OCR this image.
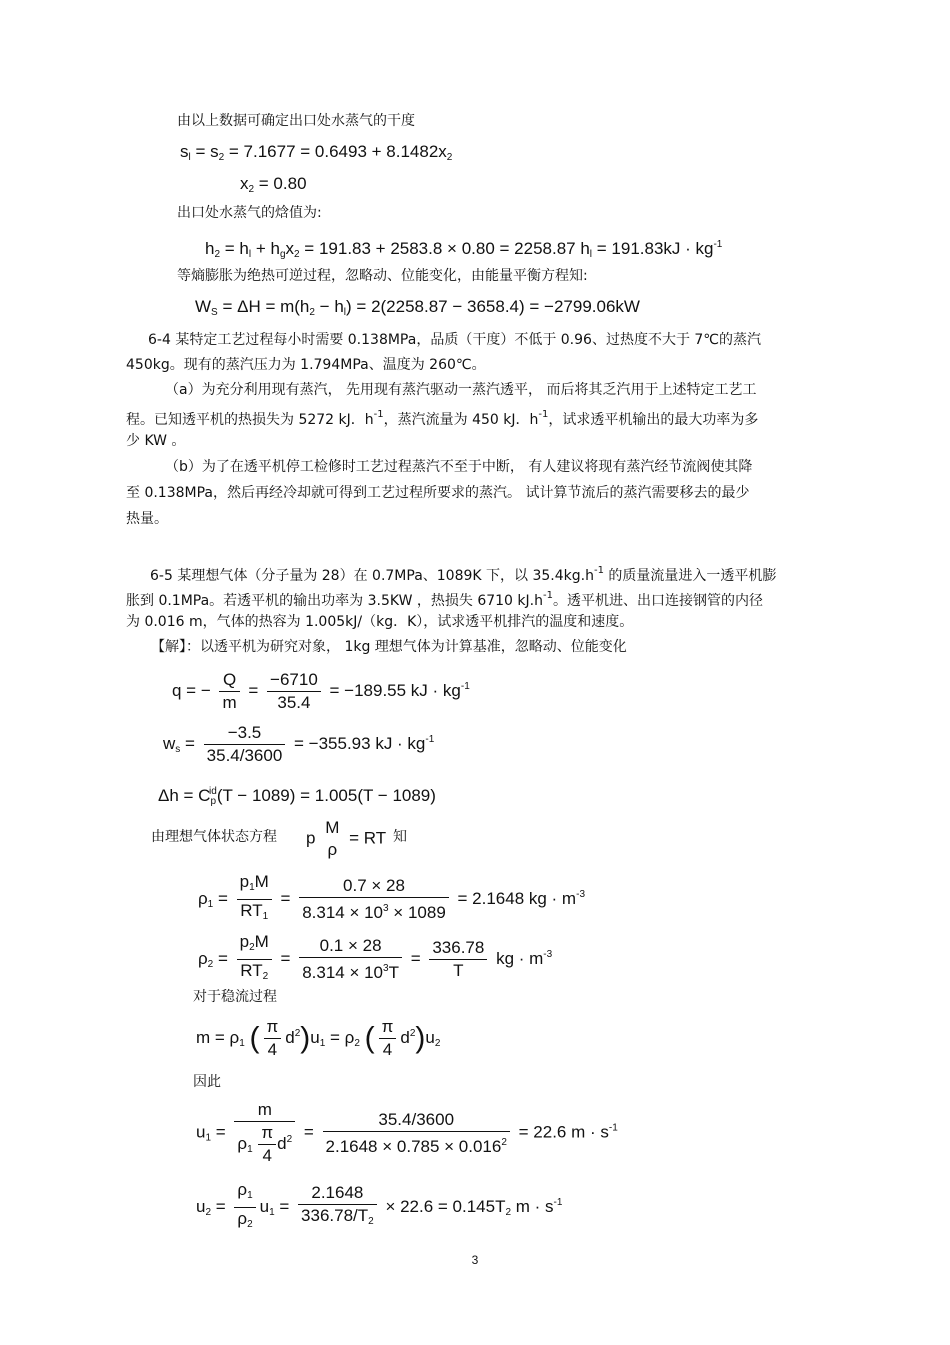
由以上数据可确定出口处水蒸气的干度
$s_l = s_2 = 7.1677 = 0.6493 + 8.1482x_2$
$x_2 = 0.80$
出口处水蒸气的焓值为:
$h_2 = h_l + h_gx_2 = 191.83 + 2583.8 \times 0.80 = 2258.87$ $h_l = 191.83kJ \cdot kg^{-1}$
等熵膨胀为绝热可逆过程，忽略动、位能变化，由能量平衡方程知:
$W_S = \Delta H = m(h_2 - h_l) = 2(2258.87 - 3658.4) = -2799.06kW$
6-4 某特定工艺过程每小时需要 0.138MPa，品质（干度）不低于 0.96、过热度不大于 7℃的蒸汽
450kg。现有的蒸汽压力为 1.794MPa、温度为 260℃。
（a）为充分利用现有蒸汽， 先用现有蒸汽驱动一蒸汽透平， 而后将其乏汽用于上述特定工艺工
程。已知透平机的热损失为 5272 kJ．$h^{-1}$，蒸汽流量为 450 kJ．$h^{-1}$，试求透平机输出的最大功率为多
少 KW 。
（b）为了在透平机停工检修时工艺过程蒸汽不至于中断， 有人建议将现有蒸汽经节流阀使其降
至 0.138MPa，然后再经冷却就可得到工艺过程所要求的蒸汽。 试计算节流后的蒸汽需要移去的最少
热量。
6-5 某理想气体（分子量为 28）在 0.7MPa、1089K 下，以 $35.4kg.h^{-1}$ 的质量流量进入一透平机膨
胀到 0.1MPa。若透平机的输出功率为 3.5KW ，热损失 6710 $kJ.h^{-1}$。透平机进、出口连接钢管的内径
为 0.016 m，气体的热容为 1.005kJ/（kg．K），试求透平机排汽的温度和速度。
【解】：以透平机为研究对象， 1kg 理想气体为计算基准，忽略动、位能变化
q = − $\frac{Q}{m} = \frac{-6710}{35.4} = -189.55$ kJ · $kg^{-1}$
$w_s = \frac{-3.5}{35.4/3600} = -355.93$ kJ · $kg^{-1}$
$\Delta h = C_p^{id}(T - 1089) = 1.005(T - 1089)$
由理想气体状态方程 p
M
ρ
= RT 知
$\rho_1 = \frac{p_1M}{RT_1} = \frac{0.7 \times 28}{8.314 \times 10^3 \times 1089} = 2.1648$ kg · $m^{-3}$
$\rho_2 = \frac{p_2M}{RT_2} = \frac{0.1 \times 28}{8.314 \times 10^3T} = \frac{336.78}{T}$ kg · $m^{-3}$
对于稳流过程
$m = \rho_1$ ( $\frac{\pi}{4} d^2)u_1 = \rho_2$ ( $\frac{\pi}{4} d^2)u_2$
因此
$u_1 = \frac{m}{\rho_1 \frac{\pi}{4} d^2} = \frac{35.4/3600}{2.1648 \times 0.785 \times 0.016^2} = 22.6$ $m \cdot s^{-1}$
$u_2 = \frac{\rho_1}{\rho_2} u_1 = \frac{2.1648}{336.78/T_2} \times 22.6 = 0.145T_2$ $m \cdot s^{-1}$
3
